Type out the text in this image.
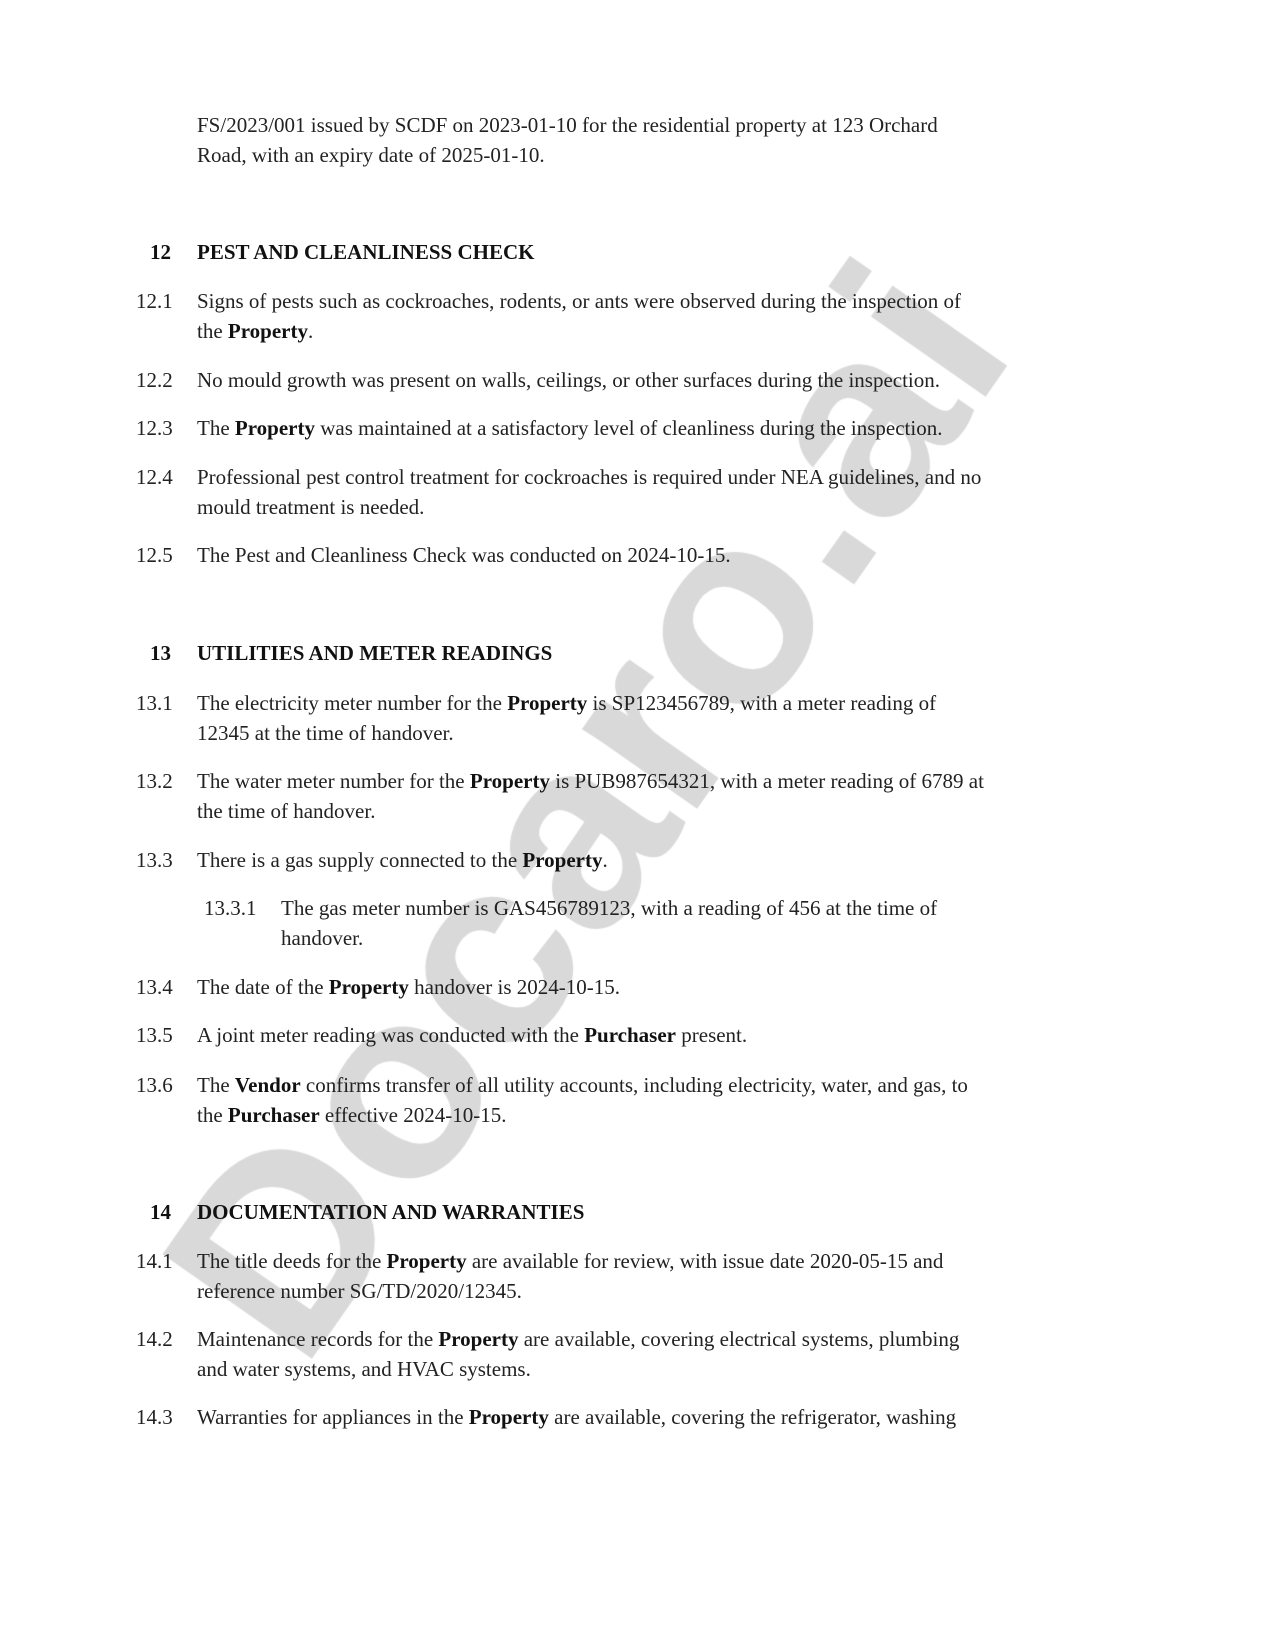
FS/2023/001 issued by SCDF on 2023-01-10 for the residential property at 123 Orchard
Road, with an expiry date of 2025-01-10.
12 PEST AND CLEANLINESS CHECK
13 UTILITIES AND METER READINGS
14 DOCUMENTATION AND WARRANTIES
12.1 Signs of pests such as cockroaches, rodents, or ants were observed during the inspection of
the Property.
12.2 No mould growth was present on walls, ceilings, or other surfaces during the inspection.
12.3 The Property was maintained at a satisfactory level of cleanliness during the inspection.
12.4 Professional pest control treatment for cockroaches is required under NEA guidelines, and no
mould treatment is needed.
12.5 The Pest and Cleanliness Check was conducted on 2024-10-15.
13.1 The electricity meter number for the Property is SP123456789, with a meter reading of
12345 at the time of handover.
13.2 The water meter number for the Property is PUB987654321, with a meter reading of 6789 at
the time of handover.
13.3 There is a gas supply connected to the Property.
13.3.1 The gas meter number is GAS456789123, with a reading of 456 at the time of
handover.
13.4 The date of the Property handover is 2024-10-15.
13.5 A joint meter reading was conducted with the Purchaser present.
13.6 The Vendor confirms transfer of all utility accounts, including electricity, water, and gas, to
the Purchaser effective 2024-10-15.
14.1 The title deeds for the Property are available for review, with issue date 2020-05-15 and
reference number SG/TD/2020/12345.
14.2 Maintenance records for the Property are available, covering electrical systems, plumbing
and water systems, and HVAC systems.
14.3 Warranties for appliances in the Property are available, covering the refrigerator, washing
